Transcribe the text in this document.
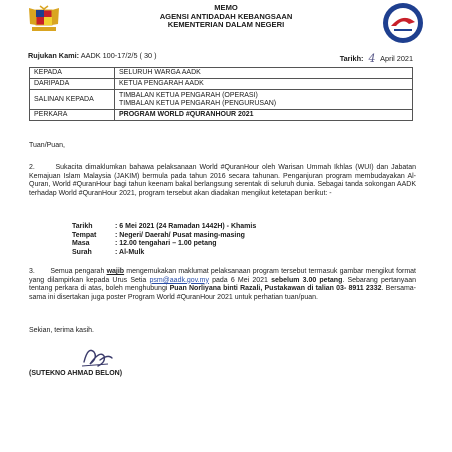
MEMO
AGENSI ANTIDADAH KEBANGSAAN
KEMENTERIAN DALAM NEGERI
Rujukan Kami: AADK 100-17/2/5 ( 30 )	Tarikh: 4 April 2021
KEPADA	SELURUH WARGA AADK
DARIPADA	KETUA PENGARAH AADK
SALINAN KEPADA	TIMBALAN KETUA PENGARAH (OPERASI)
TIMBALAN KETUA PENGARAH (PENGURUSAN)

PERKARA	PROGRAM WORLD #QURANHOUR 2021
Tuan/Puan,
2.	Sukacita dimaklumkan bahawa pelaksanaan World #QuranHour oleh Warisan Ummah Ikhlas (WUI) dan Jabatan Kemajuan Islam Malaysia (JAKIM) bermula pada tahun 2016 secara tahunan. Penganjuran program membudayakan Al-Quran, World #QuranHour bagi tahun keenam bakal berlangsung serentak di seluruh dunia. Sebagai tanda sokongan AADK terhadap World #QuranHour 2021, program tersebut akan diadakan mengikut ketetapan berikut: -
Tarikh	: 6 Mei 2021 (24 Ramadan 1442H) - Khamis
Tempat	: Negeri/ Daerah/ Pusat masing-masing
Masa	: 12.00 tengahari – 1.00 petang
Surah	: Al-Mulk
3. Semua pengarah wajib mengemukakan maklumat pelaksanaan program tersebut termasuk gambar mengikut format yang dilampirkan kepada Urus Setia psm@aadk.gov.my pada 6 Mei 2021 sebelum 3.00 petang. Sebarang pertanyaan tentang perkara di atas, boleh menghubungi Puan Norliyana binti Razali, Pustakawan di talian 03- 8911 2332. Bersama-sama ini disertakan juga poster Program World #QuranHour 2021 untuk perhatian tuan/puan.
Sekian, terima kasih.
(SUTEKNO AHMAD BELON)
